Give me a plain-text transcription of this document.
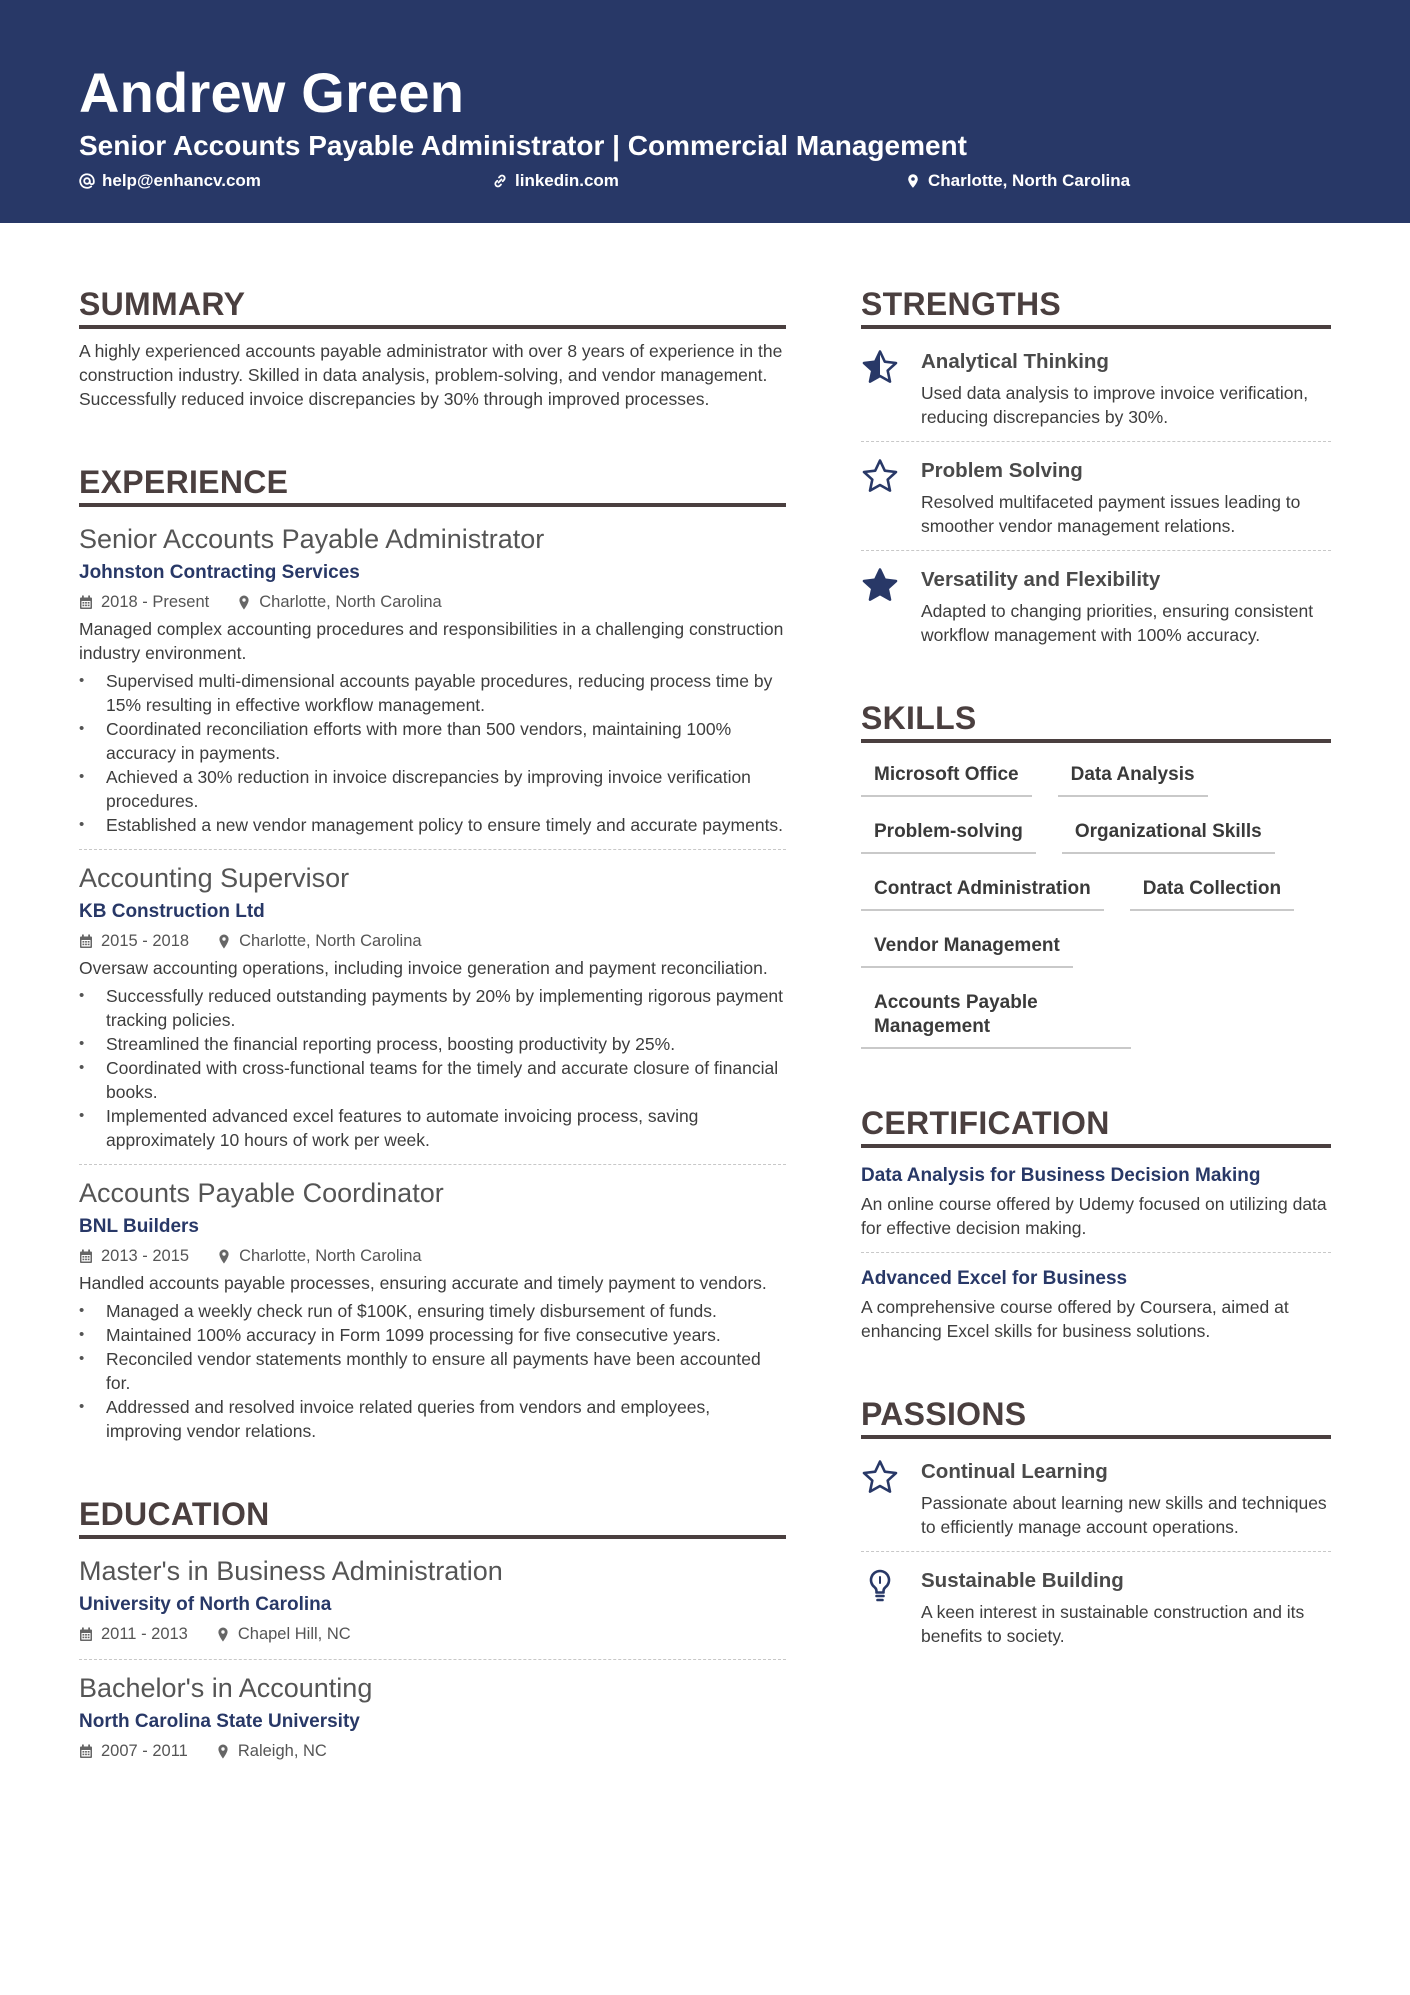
Andrew Green
Senior Accounts Payable Administrator | Commercial Management
help@enhancv.com	linkedin.com	Charlotte, North Carolina
SUMMARY
A highly experienced accounts payable administrator with over 8 years of experience in the construction industry. Skilled in data analysis, problem-solving, and vendor management. Successfully reduced invoice discrepancies by 30% through improved processes.
EXPERIENCE
Senior Accounts Payable Administrator
Johnston Contracting Services
2018 - Present	Charlotte, North Carolina
Managed complex accounting procedures and responsibilities in a challenging construction industry environment.
• Supervised multi-dimensional accounts payable procedures, reducing process time by 15% resulting in effective workflow management.
• Coordinated reconciliation efforts with more than 500 vendors, maintaining 100% accuracy in payments.
• Achieved a 30% reduction in invoice discrepancies by improving invoice verification procedures.
• Established a new vendor management policy to ensure timely and accurate payments.
Accounting Supervisor
KB Construction Ltd
2015 - 2018	Charlotte, North Carolina
Oversaw accounting operations, including invoice generation and payment reconciliation.
• Successfully reduced outstanding payments by 20% by implementing rigorous payment tracking policies.
• Streamlined the financial reporting process, boosting productivity by 25%.
• Coordinated with cross-functional teams for the timely and accurate closure of financial books.
• Implemented advanced excel features to automate invoicing process, saving approximately 10 hours of work per week.
Accounts Payable Coordinator
BNL Builders
2013 - 2015	Charlotte, North Carolina
Handled accounts payable processes, ensuring accurate and timely payment to vendors.
• Managed a weekly check run of $100K, ensuring timely disbursement of funds.
• Maintained 100% accuracy in Form 1099 processing for five consecutive years.
• Reconciled vendor statements monthly to ensure all payments have been accounted for.
• Addressed and resolved invoice related queries from vendors and employees, improving vendor relations.
EDUCATION
Master's in Business Administration
University of North Carolina
2011 - 2013	Chapel Hill, NC
Bachelor's in Accounting
North Carolina State University
2007 - 2011	Raleigh, NC
STRENGTHS
Analytical Thinking
Used data analysis to improve invoice verification, reducing discrepancies by 30%.
Problem Solving
Resolved multifaceted payment issues leading to smoother vendor management relations.
Versatility and Flexibility
Adapted to changing priorities, ensuring consistent workflow management with 100% accuracy.
SKILLS
Microsoft Office	Data Analysis
Problem-solving	Organizational Skills
Contract Administration	Data Collection
Vendor Management
Accounts Payable Management
CERTIFICATION
Data Analysis for Business Decision Making
An online course offered by Udemy focused on utilizing data for effective decision making.
Advanced Excel for Business
A comprehensive course offered by Coursera, aimed at enhancing Excel skills for business solutions.
PASSIONS
Continual Learning
Passionate about learning new skills and techniques to efficiently manage account operations.
Sustainable Building
A keen interest in sustainable construction and its benefits to society.
